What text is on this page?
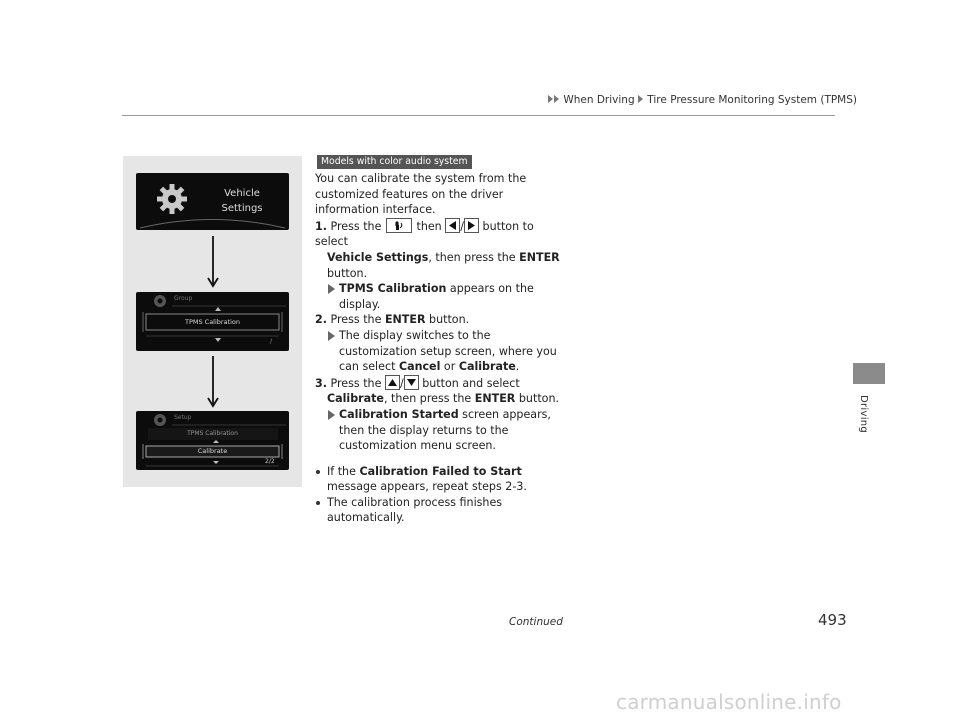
When Driving Tire Pressure Monitoring System (TPMS)
Driving
Vehicle
Settings
Group
TPMS Calibration
/
Setup
TPMS Calibration
Calibrate
2/2
Models with color audio system

You can calibrate the system from the customized features on the driver information interface.

1. Press the	then / button to select

Vehicle Settings, then press the ENTER button.

TPMS Calibration appears on the display.

2. Press the ENTER button.

The display switches to the customization setup screen, where you can select Cancel or Calibrate.

3. Press the / button and select

Calibrate, then press the ENTER button.

Calibration Started screen appears, then the display returns to the customization menu screen.

If the Calibration Failed to Start message appears, repeat steps 2-3.

The calibration process finishes automatically.

Continued	493
carmanualsonline.info
